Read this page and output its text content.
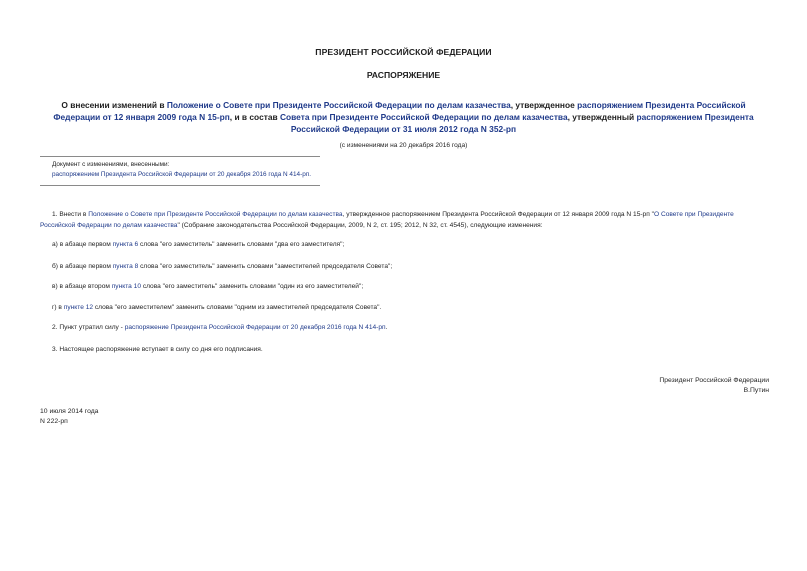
ПРЕЗИДЕНТ РОССИЙСКОЙ ФЕДЕРАЦИИ
РАСПОРЯЖЕНИЕ
О внесении изменений в Положение о Совете при Президенте Российской Федерации по делам казачества, утвержденное распоряжением Президента Российской Федерации от 12 января 2009 года N 15-рп, и в состав Совета при Президенте Российской Федерации по делам казачества, утвержденный распоряжением Президента Российской Федерации от 31 июля 2012 года N 352-рп
(с изменениями на 20 декабря 2016 года)
Документ с изменениями, внесенными:
распоряжением Президента Российской Федерации от 20 декабря 2016 года N 414-рп.
1. Внести в Положение о Совете при Президенте Российской Федерации по делам казачества, утвержденное распоряжением Президента Российской Федерации от 12 января 2009 года N 15-рп "О Совете при Президенте Российской Федерации по делам казачества" (Собрание законодательства Российской Федерации, 2009, N 2, ст. 195; 2012, N 32, ст. 4545), следующие изменения:
а) в абзаце первом пункта 6 слова "его заместитель" заменить словами "два его заместителя";
б) в абзаце первом пункта 8 слова "его заместитель" заменить словами "заместителей председателя Совета";
в) в абзаце втором пункта 10 слова "его заместитель" заменить словами "один из его заместителей";
г) в пункте 12 слова "его заместителем" заменить словами "одним из заместителей председателя Совета".
2. Пункт утратил силу - распоряжение Президента Российской Федерации от 20 декабря 2016 года N 414-рп.
3. Настоящее распоряжение вступает в силу со дня его подписания.
Президент Российской Федерации
В.Путин
10 июля 2014 года
N 222-рп
